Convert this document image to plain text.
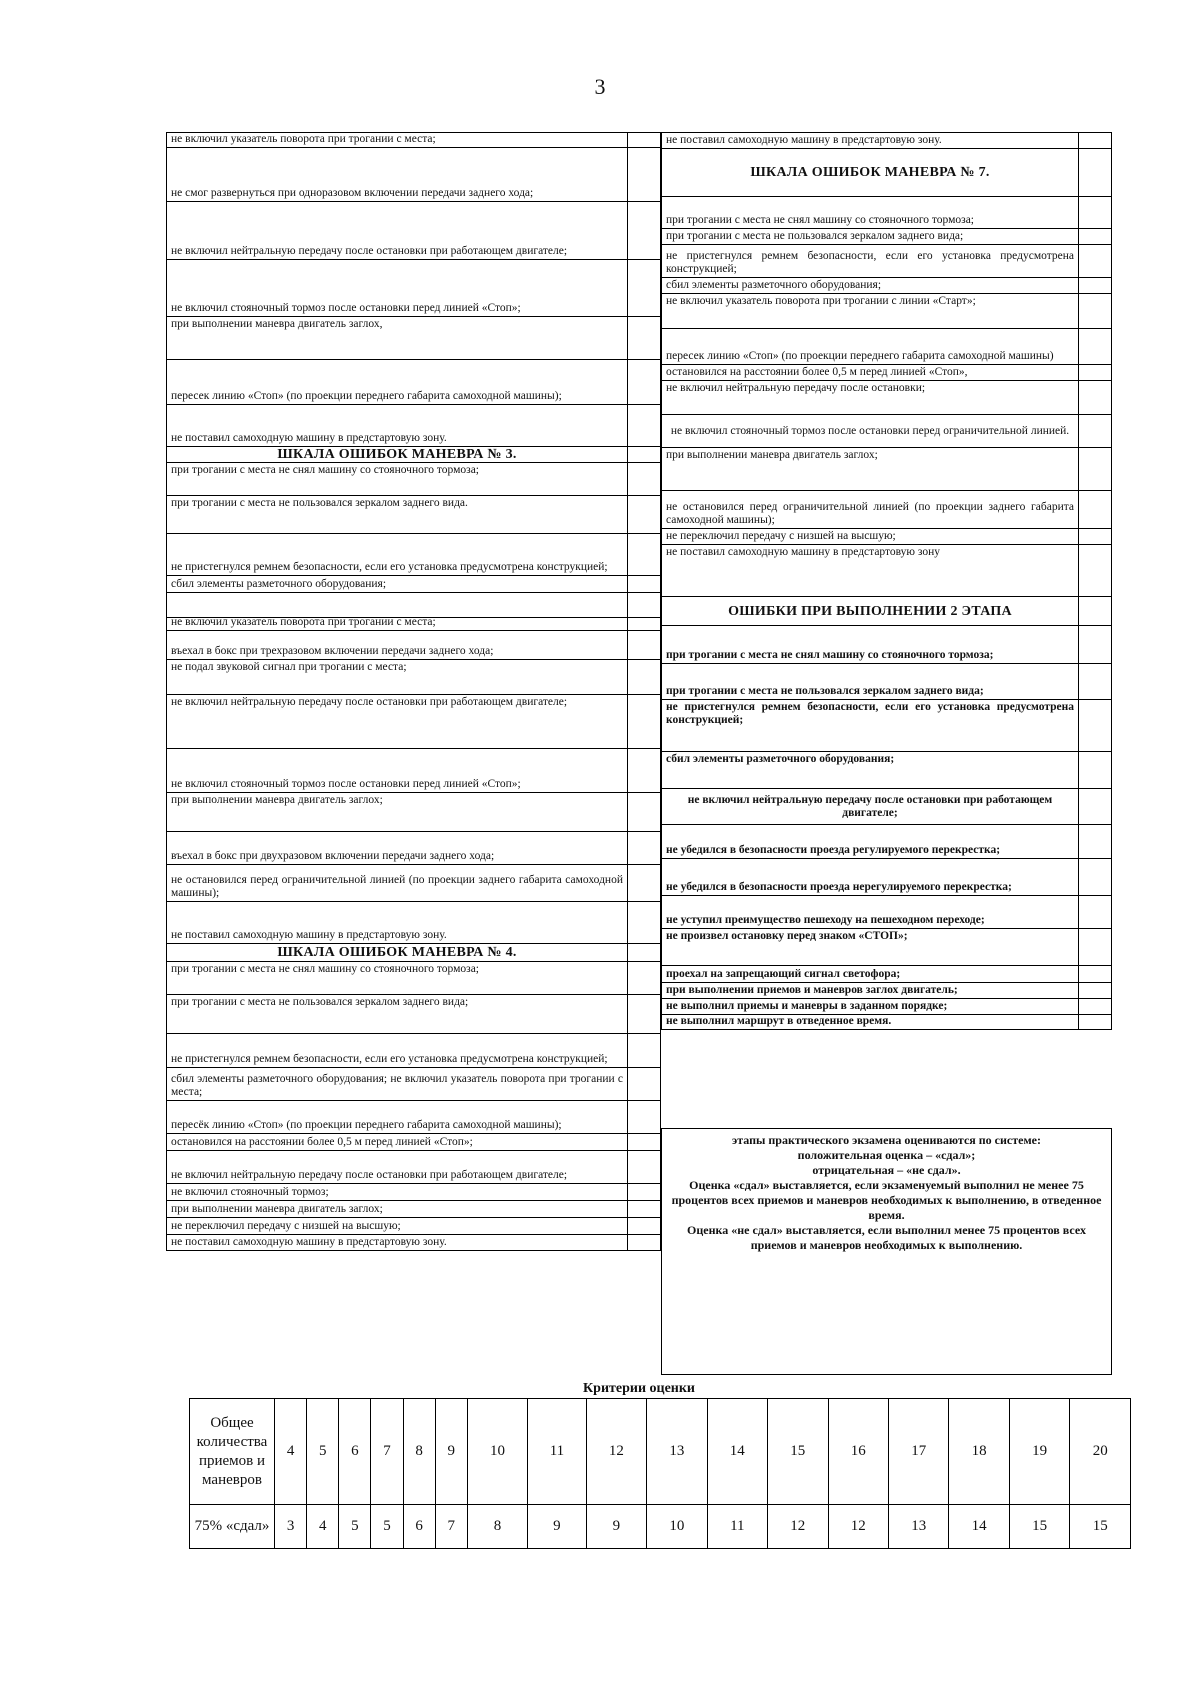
3
не включил указатель поворота при трогании с места;
не смог развернуться при одноразовом включении передачи заднего хода;
не включил нейтральную передачу после остановки при работающем двигателе;
не включил стояночный тормоз после остановки перед линией «Стоп»;
при выполнении маневра двигатель заглох,
пересек линию «Стоп» (по проекции переднего габарита самоходной машины);
не поставил самоходную машину в предстартовую зону.
ШКАЛА ОШИБОК МАНЕВРА № 3.
при трогании с места не снял машину со стояночного тормоза;
при трогании с места не пользовался зеркалом заднего вида.
не пристегнулся ремнем безопасности, если его установка предусмотрена конструкцией;
сбил элементы разметочного оборудования;
не включил указатель поворота при трогании с места;
въехал в бокс при трехразовом включении передачи заднего хода;
не подал звуковой сигнал при трогании с места;
не включил нейтральную передачу после остановки при работающем двигателе;
не включил стояночный тормоз после остановки перед линией «Стоп»;
при выполнении маневра двигатель заглох;
въехал в бокс при двухразовом включении передачи заднего хода;
не остановился перед ограничительной линией (по проекции заднего габарита самоходной машины);
не поставил самоходную машину в предстартовую зону.
ШКАЛА ОШИБОК МАНЕВРА № 4.
при трогании с места не снял машину со стояночного тормоза;
при трогании с места не пользовался зеркалом заднего вида;
не пристегнулся ремнем безопасности, если его установка предусмотрена конструкцией;
сбил элементы разметочного оборудования; не включил указатель поворота при трогании с места;
пересёк линию «Стоп» (по проекции переднего габарита самоходной машины);
остановился на расстоянии более 0,5 м перед линией «Стоп»;
не включил нейтральную передачу после остановки при работающем двигателе;
не включил стояночный тормоз;
при выполнении маневра двигатель заглох;
не переключил передачу с низшей на высшую;
не поставил самоходную машину в предстартовую зону.
не поставил самоходную машину в предстартовую зону.
ШКАЛА ОШИБОК МАНЕВРА № 7.
при трогании с места не снял машину со стояночного тормоза;
при трогании с места не пользовался зеркалом заднего вида;
не пристегнулся ремнем безопасности, если его установка предусмотрена конструкцией;
сбил элементы разметочного оборудования;
не включил указатель поворота при трогании с линии «Старт»;
пересек линию «Стоп» (по проекции переднего габарита самоходной машины)
остановился на расстоянии более 0,5 м перед линией «Стоп»,
не включил нейтральную передачу после остановки;
не включил стояночный тормоз после остановки перед ограничительной линией.
при выполнении маневра двигатель заглох;
не остановился перед ограничительной линией (по проекции заднего габарита самоходной машины);
не переключил передачу с низшей на высшую;
не поставил самоходную машину в предстартовую зону
ОШИБКИ ПРИ ВЫПОЛНЕНИИ 2 ЭТАПА
при трогании с места не снял машину со стояночного тормоза;
при трогании с места не пользовался зеркалом заднего вида;
не пристегнулся ремнем безопасности, если его установка предусмотрена конструкцией;
сбил элементы разметочного оборудования;
не включил нейтральную передачу после остановки при работающем двигателе;
не убедился в безопасности проезда регулируемого перекрестка;
не убедился в безопасности проезда нерегулируемого перекрестка;
не уступил преимущество пешеходу на пешеходном переходе;
не произвел остановку перед знаком «СТОП»;
проехал на запрещающий сигнал светофора;
при выполнении приемов и маневров заглох двигатель;
не выполнил приемы и маневры в заданном порядке;
не выполнил маршрут в отведенное время.
этапы практического экзамена оцениваются по системе:
положительная оценка – «сдал»;
отрицательная – «не сдал».
Оценка «сдал» выставляется, если экзаменуемый выполнил не менее 75 процентов всех приемов и маневров необходимых к выполнению, в отведенное время.
Оценка «не сдал» выставляется, если выполнил менее 75 процентов всех приемов и маневров необходимых к выполнению.
Критерии оценки
Общее количества приемов и маневров	4	5	6	7	8	9	10	11	12	13	14	15	16	17	18	19	20
75% «сдал»	3	4	5	5	6	7	8	9	9	10	11	12	12	13	14	15	15
